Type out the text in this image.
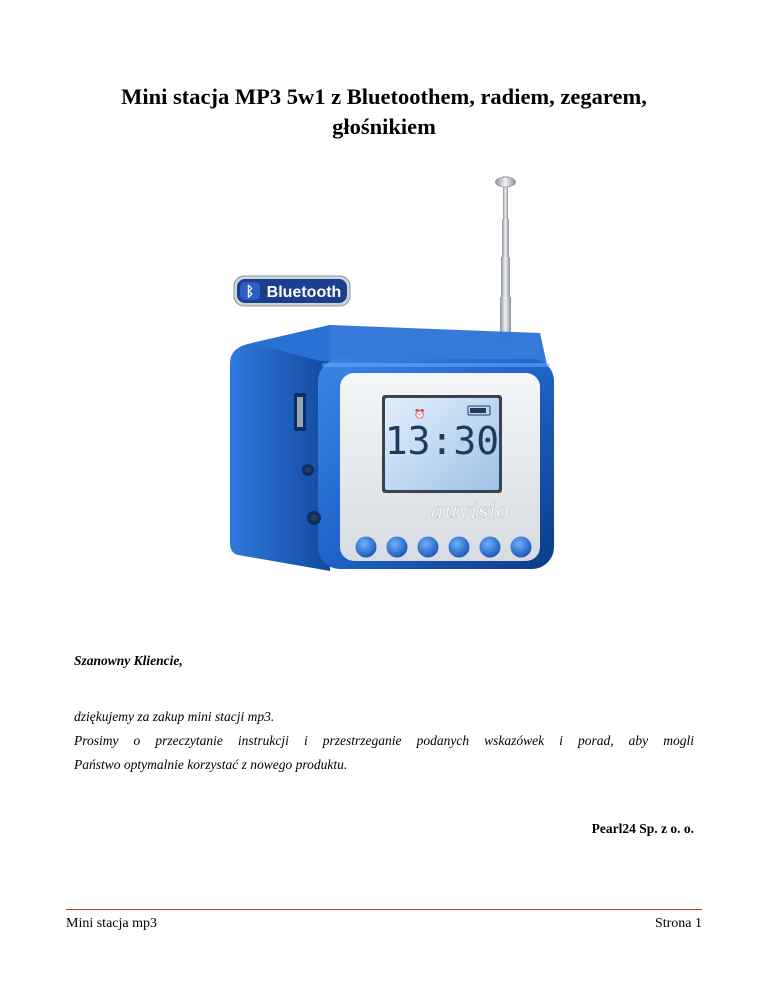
Mini stacja MP3 5w1 z Bluetoothem, radiem, zegarem,
głośnikiem
ᛒ Bluetooth
⏰
13:30
auvisio
Szanowny Kliencie,
dziękujemy za zakup mini stacji mp3.
Prosimy o przeczytanie instrukcji i przestrzeganie podanych wskazówek i porad, aby mogli
Państwo optymalnie korzystać z nowego produktu.
Pearl24 Sp. z o. o.
Mini stacja mp3	Strona 1
